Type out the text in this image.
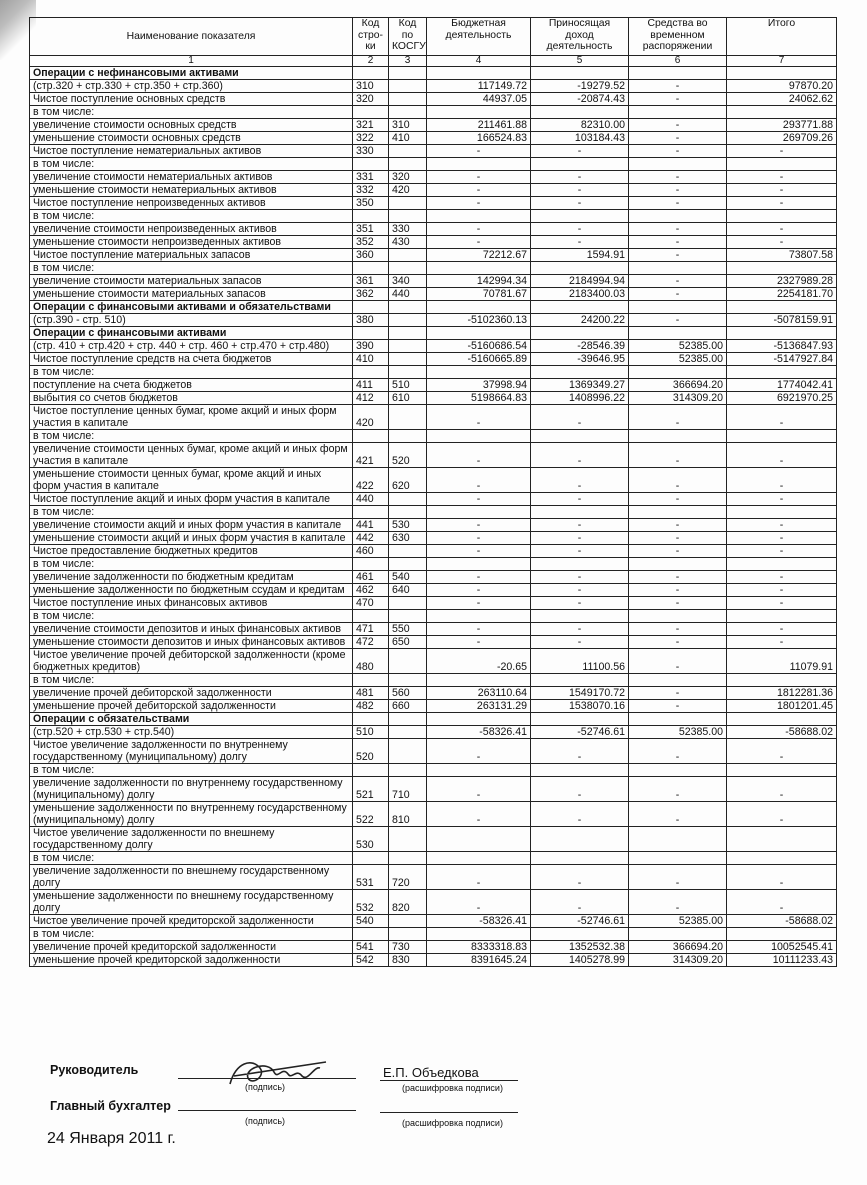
Наименование показателя	Код стро- ки	Код по КОСГУ	Бюджетная деятельность	Приносящая доход деятельность	Средства во временном распоряжении	Итого
1	2	3	4	5	6	7
Операции с нефинансовыми активами						
(стр.320 + стр.330 + стр.350 + стр.360)	310		117149.72	-19279.52	-	97870.20
Чистое поступление основных средств	320		44937.05	-20874.43	-	24062.62
в том числе:						
увеличение стоимости основных средств	321	310	211461.88	82310.00	-	293771.88
уменьшение стоимости основных средств	322	410	166524.83	103184.43	-	269709.26
Чистое поступление нематериальных активов	330		-	-	-	-
в том числе:						
увеличение стоимости нематериальных активов	331	320	-	-	-	-
уменьшение стоимости нематериальных активов	332	420	-	-	-	-
Чистое поступление непроизведенных активов	350		-	-	-	-
в том числе:						
увеличение стоимости непроизведенных активов	351	330	-	-	-	-
уменьшение стоимости непроизведенных активов	352	430	-	-	-	-
Чистое поступление материальных запасов	360		72212.67	1594.91	-	73807.58
в том числе:						
увеличение стоимости материальных запасов	361	340	142994.34	2184994.94	-	2327989.28
уменьшение стоимости материальных запасов	362	440	70781.67	2183400.03	-	2254181.70
Операции с финансовыми активами и обязательствами						
(стр.390 - стр. 510)	380		-5102360.13	24200.22	-	-5078159.91
Операции с финансовыми активами						
(стр. 410 + стр.420 + стр. 440 + стр. 460 + стр.470 + стр.480)	390		-5160686.54	-28546.39	52385.00	-5136847.93
Чистое поступление средств на счета бюджетов	410		-5160665.89	-39646.95	52385.00	-5147927.84
в том числе:						
поступление на счета бюджетов	411	510	37998.94	1369349.27	366694.20	1774042.41
выбытия со счетов бюджетов	412	610	5198664.83	1408996.22	314309.20	6921970.25
Чистое поступление ценных бумаг, кроме акций и иных форм участия в капитале	420		-	-	-	-
в том числе:						
увеличение стоимости ценных бумаг, кроме акций и иных форм участия в капитале	421	520	-	-	-	-
уменьшение стоимости ценных бумаг, кроме акций и иных форм участия в капитале	422	620	-	-	-	-
Чистое поступление акций и иных форм участия в капитале	440		-	-	-	-
в том числе:						
увеличение стоимости акций и иных форм участия в капитале	441	530	-	-	-	-
уменьшение стоимости акций и иных форм участия в капитале	442	630	-	-	-	-
Чистое предоставление бюджетных кредитов	460		-	-	-	-
в том числе:						
увеличение задолженности по бюджетным кредитам	461	540	-	-	-	-
уменьшение задолженности по бюджетным ссудам и кредитам	462	640	-	-	-	-
Чистое поступление иных финансовых активов	470		-	-	-	-
в том числе:						
увеличение стоимости депозитов и иных финансовых активов	471	550	-	-	-	-
уменьшение стоимости депозитов и иных финансовых активов	472	650	-	-	-	-
Чистое увеличение прочей дебиторской задолженности (кроме бюджетных кредитов)	480		-20.65	11100.56	-	11079.91
в том числе:						
увеличение прочей дебиторской задолженности	481	560	263110.64	1549170.72	-	1812281.36
уменьшение прочей дебиторской задолженности	482	660	263131.29	1538070.16	-	1801201.45
Операции с обязательствами						
(стр.520 + стр.530 + стр.540)	510		-58326.41	-52746.61	52385.00	-58688.02
Чистое увеличение задолженности по внутреннему государственному (муниципальному) долгу	520		-	-	-	-
в том числе:						
увеличение задолженности по внутреннему государственному (муниципальному) долгу	521	710	-	-	-	-
уменьшение задолженности по внутреннему государственному (муниципальному) долгу	522	810	-	-	-	-
Чистое увеличение задолженности по внешнему государственному долгу	530					
в том числе:						
увеличение задолженности по внешнему государственному долгу	531	720	-	-	-	-
уменьшение задолженности по внешнему государственному долгу	532	820	-	-	-	-
Чистое увеличение прочей кредиторской задолженности	540		-58326.41	-52746.61	52385.00	-58688.02
в том числе:						
увеличение прочей кредиторской задолженности	541	730	8333318.83	1352532.38	366694.20	10052545.41
уменьшение прочей кредиторской задолженности	542	830	8391645.24	1405278.99	314309.20	10111233.43
Руководитель
(подпись)
Е.П. Объедкова
(расшифровка подписи)
Главный бухгалтер
(подпись)	(расшифровка подписи)
24 Января 2011 г.
